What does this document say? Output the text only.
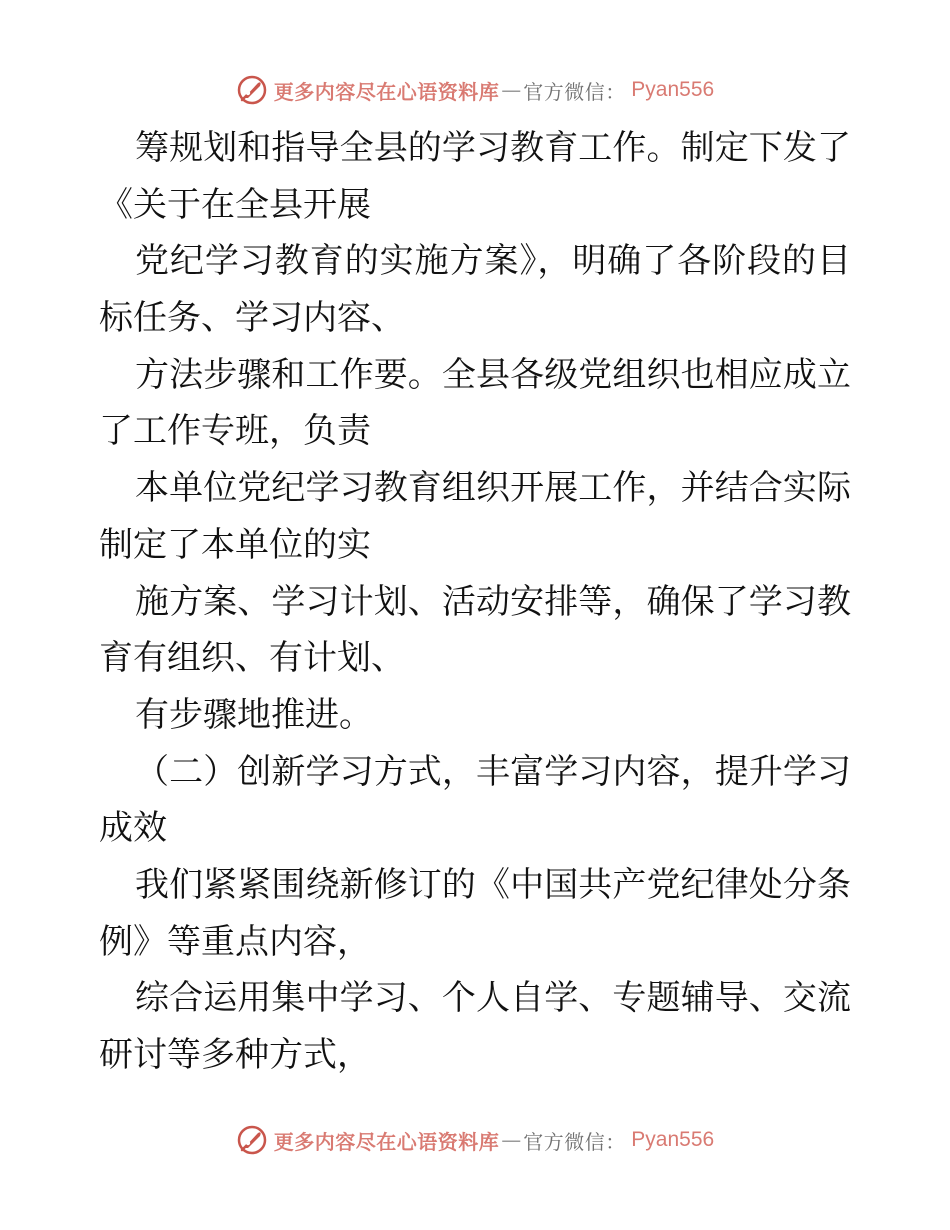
更多内容尽在心语资料库 — 官方微信 ： Pyan556
筹规划和指导全县的学习教育工作。制定下发了
《关于在全县开展
党纪学习教育的实施方案》，明确了各阶段的目
标任务、学习内容、
方法步骤和工作要。全县各级党组织也相应成立
了工作专班，负责
本单位党纪学习教育组织开展工作，并结合实际
制定了本单位的实
施方案、学习计划、活动安排等，确保了学习教
育有组织、有计划、
有步骤地推进。
（二）创新学习方式，丰富学习内容，提升学习
成效
我们紧紧围绕新修订的《中国共产党纪律处分条
例》等重点内容，
综合运用集中学习、个人自学、专题辅导、交流
研讨等多种方式，
更多内容尽在心语资料库 — 官方微信 ： Pyan556
